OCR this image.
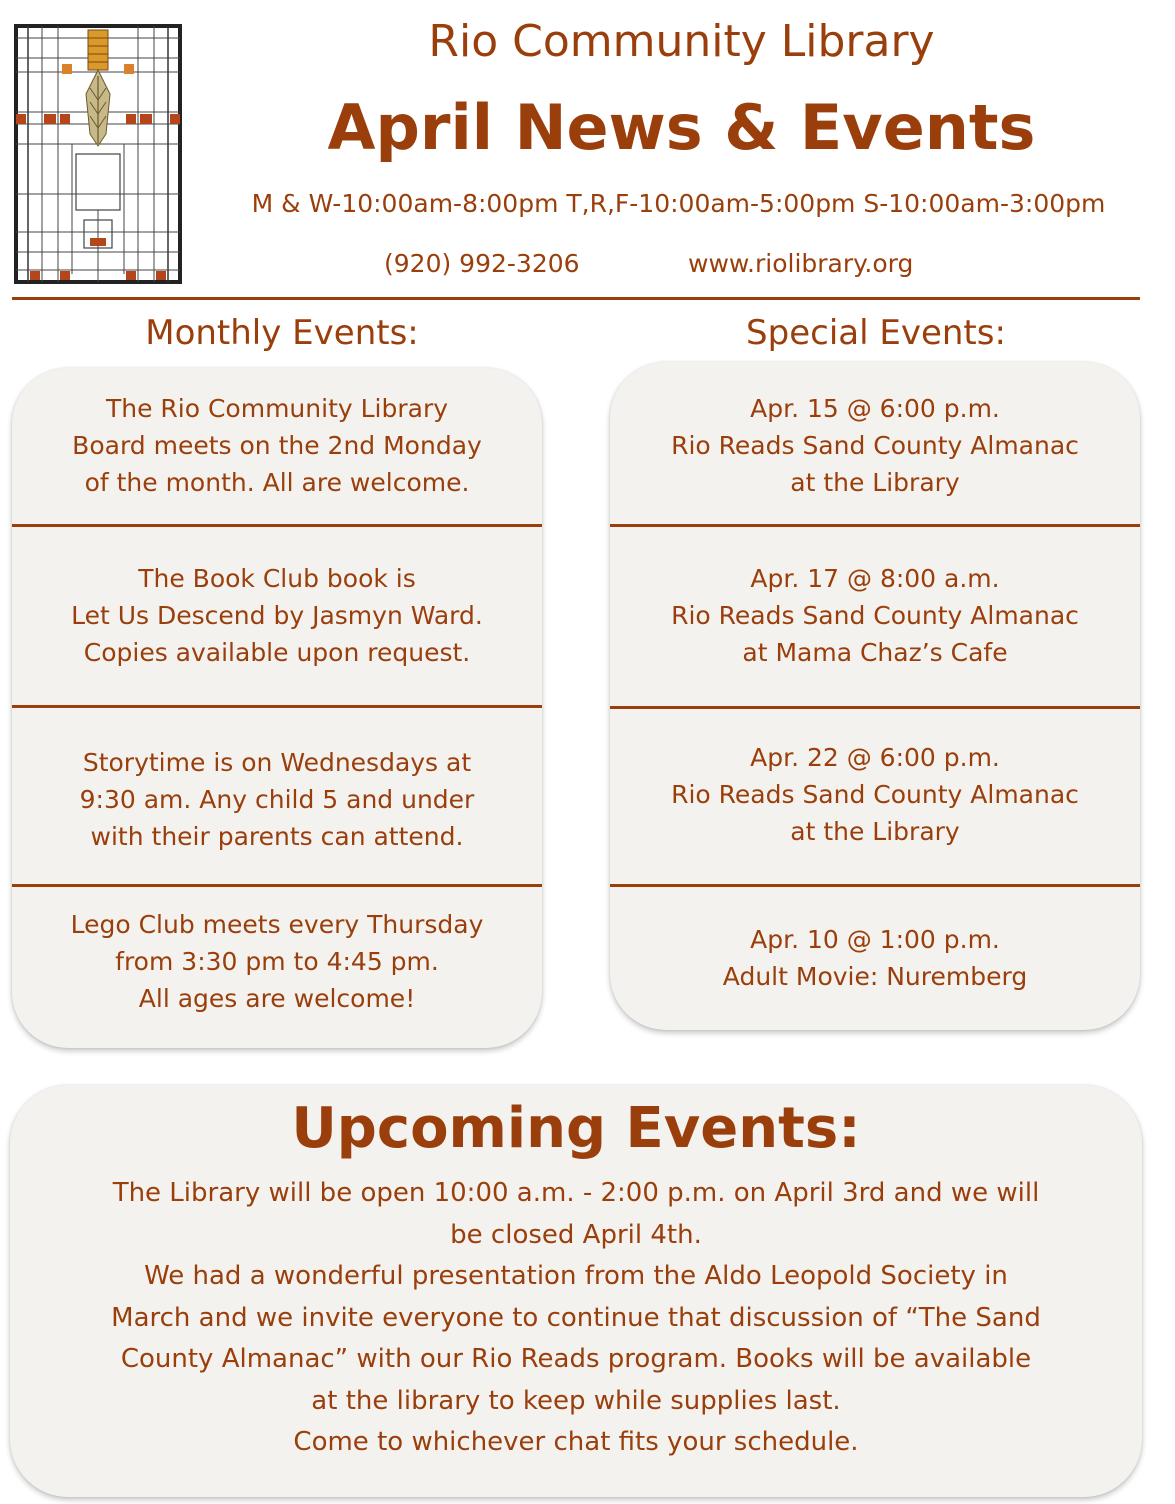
Rio Community Library
April News & Events
M & W-10:00am-8:00pm T,R,F-10:00am-5:00pm S-10:00am-3:00pm
(920) 992-3206	www.riolibrary.org
Monthly Events:	Special Events:
The Rio Community Library
Board meets on the 2nd Monday
of the month. All are welcome.
The Book Club book is
Let Us Descend by Jasmyn Ward.
Copies available upon request.
Storytime is on Wednesdays at
9:30 am. Any child 5 and under
with their parents can attend.
Lego Club meets every Thursday
from 3:30 pm to 4:45 pm.
All ages are welcome!
Apr. 15 @ 6:00 p.m.
Rio Reads Sand County Almanac
at the Library
Apr. 17 @ 8:00 a.m.
Rio Reads Sand County Almanac
at Mama Chaz’s Cafe
Apr. 22 @ 6:00 p.m.
Rio Reads Sand County Almanac
at the Library
Apr. 10 @ 1:00 p.m.
Adult Movie: Nuremberg
Upcoming Events:
The Library will be open 10:00 a.m. - 2:00 p.m. on April 3rd and we will
be closed April 4th.
We had a wonderful presentation from the Aldo Leopold Society in
March and we invite everyone to continue that discussion of “The Sand
County Almanac” with our Rio Reads program. Books will be available
at the library to keep while supplies last.
Come to whichever chat fits your schedule.
